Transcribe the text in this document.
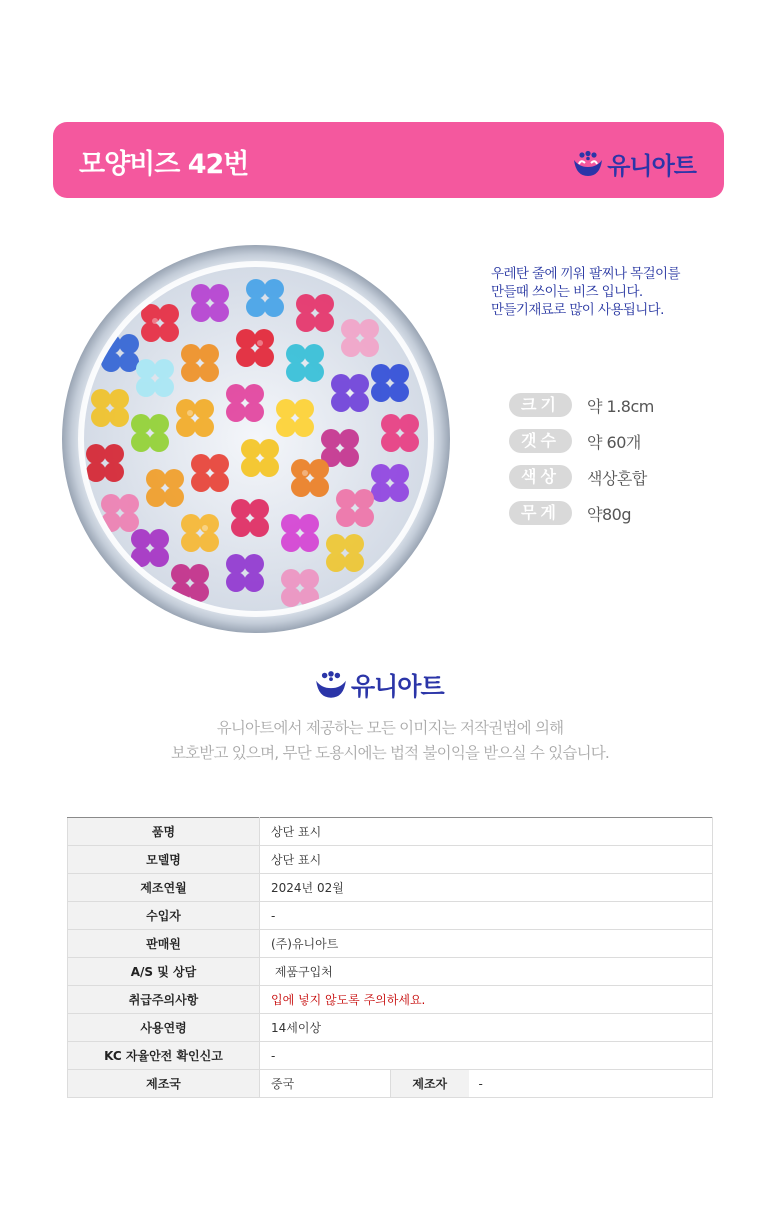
모양비즈 42번	유니아트

우레탄 줄에 끼워 팔찌나 목걸이를

만들때 쓰이는 비즈 입니다.

만들기재료로 많이 사용됩니다.

크기	약 1.8cm
갯수	약 60개
색상	색상혼합
무게	약80g
유니아트
유니아트에서 제공하는 모든 이미지는 저작권법에 의해
보호받고 있으며, 무단 도용시에는 법적 불이익을 받으실 수 있습니다.
품명	상단 표시		
모델명	상단 표시		
제조연월	2024년 02월		
수입자	-		
판매원	(주)유니아트		
A/S 및 상담	제품구입처		
취급주의사항	입에 넣지 않도록 주의하세요.		
사용연령	14세이상		
KC 자율안전 확인신고	-		
제조국	중국	제조자	-
